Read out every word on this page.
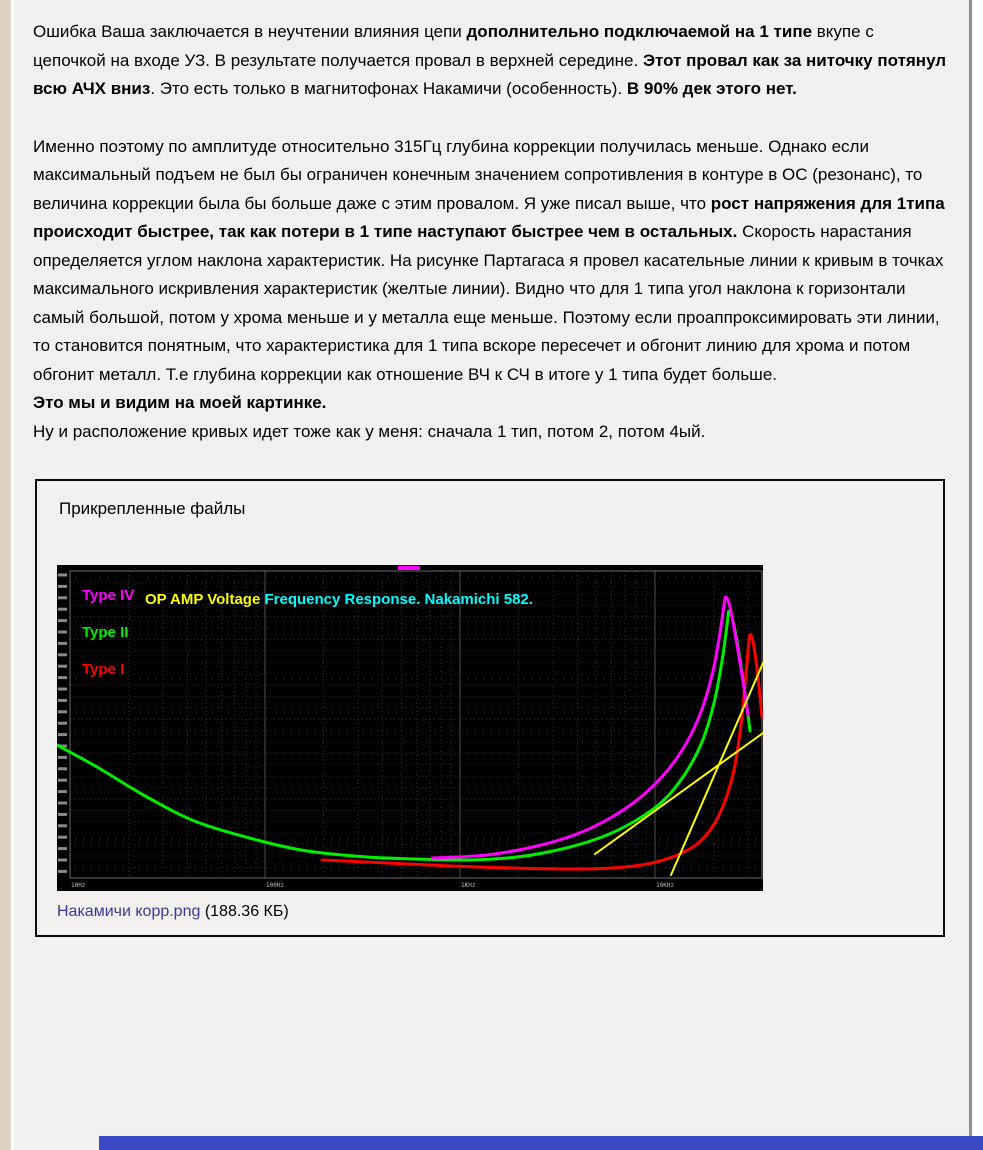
Ошибка Ваша заключается в неучтении влияния цепи дополнительно подключаемой на 1 типе вкупе с цепочкой на входе УЗ. В результате получается провал в верхней середине. Этот провал как за ниточку потянул всю АЧХ вниз. Это есть только в магнитофонах Накамичи (особенность). В 90% дек этого нет.
Именно поэтому по амплитуде относительно 315Гц глубина коррекции получилась меньше. Однако если максимальный подъем не был бы ограничен конечным значением сопротивления в контуре в ОС (резонанс), то величина коррекции была бы больше даже с этим провалом. Я уже писал выше, что рост напряжения для 1типа происходит быстрее, так как потери в 1 типе наступают быстрее чем в остальных. Скорость нарастания определяется углом наклона характеристик. На рисунке Партагаса я провел касательные линии к кривым в точках максимального искривления характеристик (желтые линии). Видно что для 1 типа угол наклона к горизонтали самый большой, потом у хрома меньше и у металла еще меньше. Поэтому если проаппроксимировать эти линии, то становится понятным, что характеристика для 1 типа вскоре пересечет и обгонит линию для хрома и потом обгонит металл. Т.е глубина коррекции как отношение ВЧ к СЧ в итоге у 1 типа будет больше.
Это мы и видим на моей картинке.
Ну и расположение кривых идет тоже как у меня: сначала 1 тип, потом 2, потом 4ый.
Прикрепленные файлы
10Hz	100Hz	1KHz	10KHz
Type IV
Type II
Type I
OP AMP Voltage Frequency Response. Nakamichi 582.
Накамичи корр.png (188.36 КБ)
